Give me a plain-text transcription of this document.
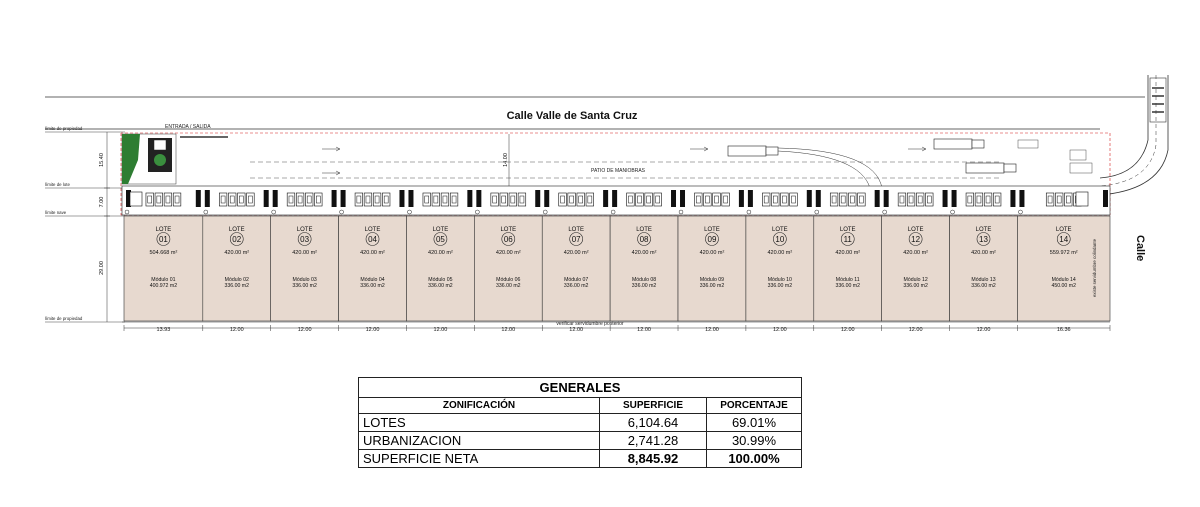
Calle Valle de Santa Cruz
Calle
límite de propiedad
límite de lote
límite nave
límite de propiedad
15.40
7.00
29.00
ENTRADA / SALIDA
PATIO DE MANIOBRAS
14.00
LOTE
01
504.668 m²
Módulo 01
400.972 m2
LOTE
02
420.00 m²
Módulo 02
336.00 m2
LOTE
03
420.00 m²
Módulo 03
336.00 m2
LOTE
04
420.00 m²
Módulo 04
336.00 m2
LOTE
05
420.00 m²
Módulo 05
336.00 m2
LOTE
06
420.00 m²
Módulo 06
336.00 m2
LOTE
07
420.00 m²
Módulo 07
336.00 m2
LOTE
08
420.00 m²
Módulo 08
336.00 m2
LOTE
09
420.00 m²
Módulo 09
336.00 m2
LOTE
10
420.00 m²
Módulo 10
336.00 m2
LOTE
11
420.00 m²
Módulo 11
336.00 m2
LOTE
12
420.00 m²
Módulo 12
336.00 m2
LOTE
13
420.00 m²
Módulo 13
336.00 m2
LOTE
14
559.972 m²
Módulo 14
450.00 m2
verificar servidumbre posterior
existe servidumbre colindante
13.93	12.00	12.00	12.00	12.00	12.00	12.00	12.00	12.00	12.00	12.00	12.00	12.00	16.36
GENERALES		
ZONIFICACIÓN	SUPERFICIE	PORCENTAJE
LOTES	6,104.64	69.01%
URBANIZACION	2,741.28	30.99%
SUPERFICIE NETA	8,845.92	100.00%
